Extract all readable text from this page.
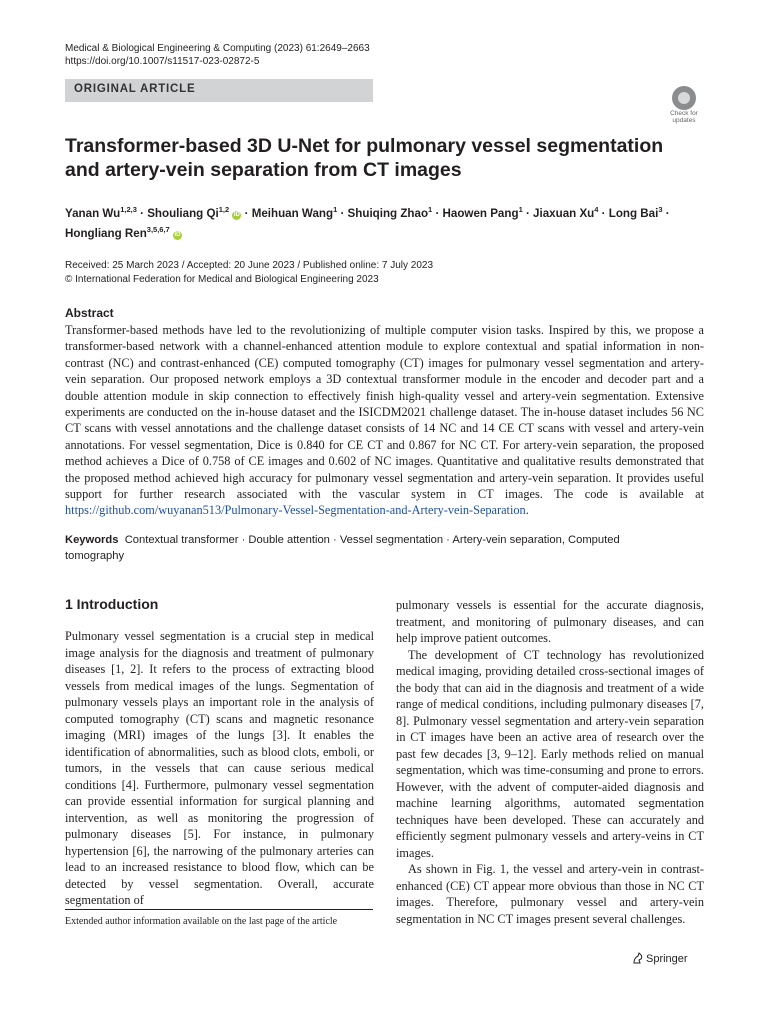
Medical & Biological Engineering & Computing (2023) 61:2649–2663
https://doi.org/10.1007/s11517-023-02872-5
ORIGINAL ARTICLE
Check for
updates
Transformer-based 3D U-Net for pulmonary vessel segmentation and artery-vein separation from CT images
Yanan Wu$^{1,2,3}$ · Shouliang Qi$^{1,2}$ iD · Meihuan Wang$^1$ · Shuiqing Zhao$^1$ · Haowen Pang$^1$ · Jiaxuan $Xu^4$ · Long Bai$^3$ ·
Hongliang Ren$^{3,5,6,7}$ iD
Received: 25 March 2023 / Accepted: 20 June 2023 / Published online: 7 July 2023
© International Federation for Medical and Biological Engineering 2023
Abstract
Transformer-based methods have led to the revolutionizing of multiple computer vision tasks. Inspired by this, we propose a transformer-based network with a channel-enhanced attention module to explore contextual and spatial information in non-contrast (NC) and contrast-enhanced (CE) computed tomography (CT) images for pulmonary vessel segmentation and artery-vein separation. Our proposed network employs a 3D contextual transformer module in the encoder and decoder part and a double attention module in skip connection to effectively finish high-quality vessel and artery-vein segmentation. Extensive experiments are conducted on the in-house dataset and the ISICDM2021 challenge dataset. The in-house dataset includes 56 NC CT scans with vessel annotations and the challenge dataset consists of 14 NC and 14 CE CT scans with vessel and artery-vein annotations. For vessel segmentation, Dice is 0.840 for CE CT and 0.867 for NC CT. For artery-vein separation, the proposed method achieves a Dice of 0.758 of CE images and 0.602 of NC images. Quantitative and qualitative results demonstrated that the proposed method achieved high accuracy for pulmonary vessel segmentation and artery-vein separation. It provides useful support for further research associated with the vascular system in CT images. The code is available at https://github.com/wuyanan513/Pulmonary-Vessel-Segmentation-and-Artery-vein-Separation.
Keywords Contextual transformer · Double attention · Vessel segmentation · Artery-vein separation, Computed tomography
1 Introduction

Pulmonary vessel segmentation is a crucial step in medical image analysis for the diagnosis and treatment of pulmonary diseases [1, 2]. It refers to the process of extracting blood vessels from medical images of the lungs. Segmentation of pulmonary vessels plays an important role in the analysis of computed tomography (CT) scans and magnetic resonance imaging (MRI) images of the lungs [3]. It enables the identification of abnormalities, such as blood clots, emboli, or tumors, in the vessels that can cause serious medical conditions [4]. Furthermore, pulmonary vessel segmentation can provide essential information for surgical planning and intervention, as well as monitoring the progression of pulmonary diseases [5]. For instance, in pulmonary hypertension [6], the narrowing of the pulmonary arteries can lead to an increased resistance to blood flow, which can be detected by vessel segmentation. Overall, accurate segmentation of

pulmonary vessels is essential for the accurate diagnosis, treatment, and monitoring of pulmonary diseases, and can help improve patient outcomes.

The development of CT technology has revolutionized medical imaging, providing detailed cross-sectional images of the body that can aid in the diagnosis and treatment of a wide range of medical conditions, including pulmonary diseases [7, 8]. Pulmonary vessel segmentation and artery-vein separation in CT images have been an active area of research over the past few decades [3, 9–12]. Early methods relied on manual segmentation, which was time-consuming and prone to errors. However, with the advent of computer-aided diagnosis and machine learning algorithms, automated segmentation techniques have been developed. These can accurately and efficiently segment pulmonary vessels and artery-veins in CT images.

As shown in Fig. 1, the vessel and artery-vein in contrast-enhanced (CE) CT appear more obvious than those in NC CT images. Therefore, pulmonary vessel and artery-vein segmentation in NC CT images present several challenges.

Extended author information available on the last page of the article
Springer
